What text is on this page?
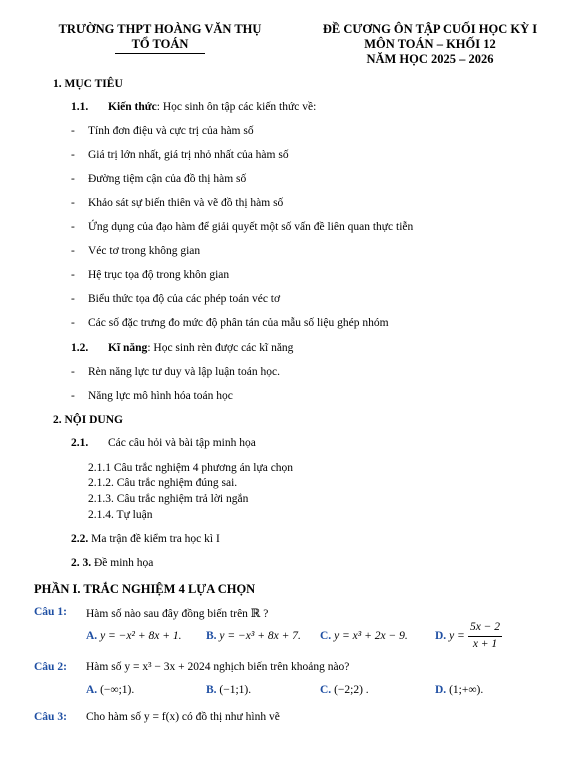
TRƯỜNG THPT HOÀNG VĂN THỤ
TỔ TOÁN
ĐỀ CƯƠNG ÔN TẬP CUỐI HỌC KỲ I
MÔN TOÁN – KHỐI 12
NĂM HỌC 2025 – 2026
1. MỤC TIÊU
1.1. Kiến thức: Học sinh ôn tập các kiến thức về:
- Tính đơn điệu và cực trị của hàm số
- Giá trị lớn nhất, giá trị nhỏ nhất của hàm số
- Đường tiệm cận của đồ thị hàm số
- Khảo sát sự biến thiên và vẽ đồ thị hàm số
- Ứng dụng của đạo hàm để giải quyết một số vấn đề liên quan thực tiễn
- Véc tơ trong không gian
- Hệ trục tọa độ trong khôn gian
- Biểu thức tọa độ của các phép toán véc tơ
- Các số đặc trưng đo mức độ phân tán của mẫu số liệu ghép nhóm
1.2. Kĩ năng: Học sinh rèn được các kĩ năng
- Rèn năng lực tư duy và lập luận toán học.
- Năng lực mô hình hóa toán học
2. NỘI DUNG
2.1. Các câu hỏi và bài tập minh họa
2.1.1 Câu trắc nghiệm 4 phương án lựa chọn
2.1.2. Câu trắc nghiệm đúng sai.
2.1.3. Câu trắc nghiệm trả lời ngắn
2.1.4. Tự luận
2.2. Ma trận đề kiểm tra học kì I
2. 3. Đề minh họa
PHẦN I. TRẮC NGHIỆM 4 LỰA CHỌN
Câu 1: Hàm số nào sau đây đồng biến trên ℝ ?
A. y = −x² + 8x + 1. B. y = −x³ + 8x + 7. C. y = x³ + 2x − 9. D. y =
5x − 2
x + 1
Câu 2: Hàm số y = x³ − 3x + 2024 nghịch biến trên khoảng nào?
A. (−∞;1).	B. (−1;1).	C. (−2;2) .	D. (1;+∞).
Câu 3: Cho hàm số y = f(x) có đồ thị như hình vẽ
